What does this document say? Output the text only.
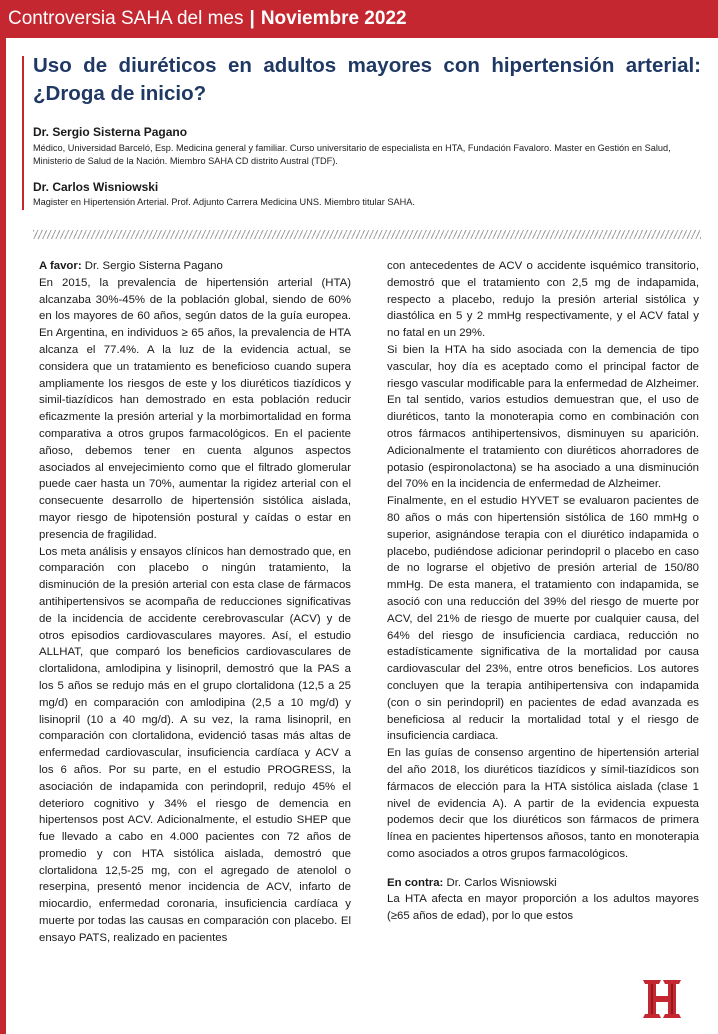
Controversia SAHA del mes | Noviembre 2022
Uso de diuréticos en adultos mayores con hipertensión arterial: ¿Droga de inicio?

Dr. Sergio Sisterna Pagano

Médico, Universidad Barceló, Esp. Medicina general y familiar. Curso universitario de especialista en HTA, Fundación Favaloro. Master en Gestión en Salud, Ministerio de Salud de la Nación. Miembro SAHA CD distrito Austral (TDF).

Dr. Carlos Wisniowski

Magister en Hipertensión Arterial. Prof. Adjunto Carrera Medicina UNS. Miembro titular SAHA.

A favor: Dr. Sergio Sisterna Pagano

En 2015, la prevalencia de hipertensión arterial (HTA) alcanzaba 30%-45% de la población global, siendo de 60% en los mayores de 60 años, según datos de la guía europea. En Argentina, en individuos ≥ 65 años, la prevalencia de HTA alcanza el 77.4%. A la luz de la evidencia actual, se considera que un tratamiento es beneficioso cuando supera ampliamente los riesgos de este y los diuréticos tiazídicos y simil-tiazídicos han demostrado en esta población reducir eficazmente la presión arterial y la morbimortalidad en forma comparativa a otros grupos farmacológicos. En el paciente añoso, debemos tener en cuenta algunos aspectos asociados al envejecimiento como que el filtrado glomerular puede caer hasta un 70%, aumentar la rigidez arterial con el consecuente desarrollo de hipertensión sistólica aislada, mayor riesgo de hipotensión postural y caídas o estar en presencia de fragilidad.

Los meta análisis y ensayos clínicos han demostrado que, en comparación con placebo o ningún tratamiento, la disminución de la presión arterial con esta clase de fármacos antihipertensivos se acompaña de reducciones significativas de la incidencia de accidente cerebrovascular (ACV) y de otros episodios cardiovasculares mayores. Así, el estudio ALLHAT, que comparó los beneficios cardiovasculares de clortalidona, amlodipina y lisinopril, demostró que la PAS a los 5 años se redujo más en el grupo clortalidona (12,5 a 25 mg/d) en comparación con amlodipina (2,5 a 10 mg/d) y lisinopril (10 a 40 mg/d). A su vez, la rama lisinopril, en comparación con clortalidona, evidenció tasas más altas de enfermedad cardiovascular, insuficiencia cardíaca y ACV a los 6 años. Por su parte, en el estudio PROGRESS, la asociación de indapamida con perindopril, redujo 45% el deterioro cognitivo y 34% el riesgo de demencia en hipertensos post ACV. Adicionalmente, el estudio SHEP que fue llevado a cabo en 4.000 pacientes con 72 años de promedio y con HTA sistólica aislada, demostró que clortalidona 12,5-25 mg, con el agregado de atenolol o reserpina, presentó menor incidencia de ACV, infarto de miocardio, enfermedad coronaria, insuficiencia cardíaca y muerte por todas las causas en comparación con placebo. El ensayo PATS, realizado en pacientes

con antecedentes de ACV o accidente isquémico transitorio, demostró que el tratamiento con 2,5 mg de indapamida, respecto a placebo, redujo la presión arterial sistólica y diastólica en 5 y 2 mmHg respectivamente, y el ACV fatal y no fatal en un 29%.

Si bien la HTA ha sido asociada con la demencia de tipo vascular, hoy día es aceptado como el principal factor de riesgo vascular modificable para la enfermedad de Alzheimer. En tal sentido, varios estudios demuestran que, el uso de diuréticos, tanto la monoterapia como en combinación con otros fármacos antihipertensivos, disminuyen su aparición. Adicionalmente el tratamiento con diuréticos ahorradores de potasio (espironolactona) se ha asociado a una disminución del 70% en la incidencia de enfermedad de Alzheimer.

Finalmente, en el estudio HYVET se evaluaron pacientes de 80 años o más con hipertensión sistólica de 160 mmHg o superior, asignándose terapia con el diurético indapamida o placebo, pudiéndose adicionar perindopril o placebo en caso de no lograrse el objetivo de presión arterial de 150/80 mmHg. De esta manera, el tratamiento con indapamida, se asoció con una reducción del 39% del riesgo de muerte por ACV, del 21% de riesgo de muerte por cualquier causa, del 64% del riesgo de insuficiencia cardiaca, reducción no estadísticamente significativa de la mortalidad por causa cardiovascular del 23%, entre otros beneficios. Los autores concluyen que la terapia antihipertensiva con indapamida (con o sin perindopril) en pacientes de edad avanzada es beneficiosa al reducir la mortalidad total y el riesgo de insuficiencia cardiaca.

En las guías de consenso argentino de hipertensión arterial del año 2018, los diuréticos tiazídicos y símil-tiazídicos son fármacos de elección para la HTA sistólica aislada (clase 1 nivel de evidencia A). A partir de la evidencia expuesta podemos decir que los diuréticos son fármacos de primera línea en pacientes hipertensos añosos, tanto en monoterapia como asociados a otros grupos farmacológicos.

En contra: Dr. Carlos Wisniowski

La HTA afecta en mayor proporción a los adultos mayores (≥65 años de edad), por lo que estos
